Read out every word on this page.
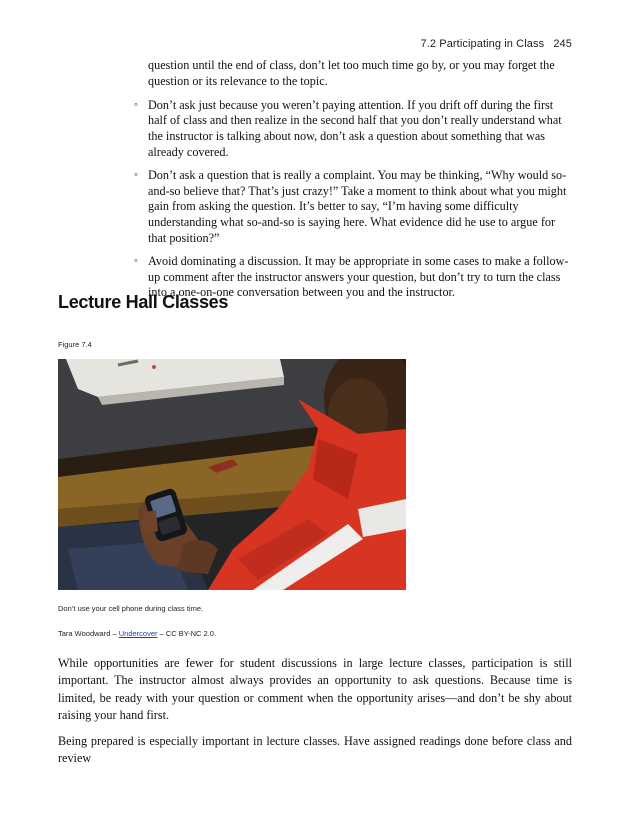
7.2 Participating in Class 245

question until the end of class, don’t let too much time go by, or you may forget the question or its relevance to the topic.

◦ Don’t ask just because you weren’t paying attention. If you drift off during the first half of class and then realize in the second half that you don’t really understand what the instructor is talking about now, don’t ask a question about something that was already covered.
◦ Don’t ask a question that is really a complaint. You may be thinking, “Why would so-and-so believe that? That’s just crazy!” Take a moment to think about what you might gain from asking the question. It’s better to say, “I’m having some difficulty understanding what so-and-so is saying here. What evidence did he use to argue for that position?”
◦ Avoid dominating a discussion. It may be appropriate in some cases to make a follow-up comment after the instructor answers your question, but don’t try to turn the class into a one-on-one conversation between you and the instructor.
Lecture Hall Classes
Figure 7.4
Don’t use your cell phone during class time.
Tara Woodward – Undercover – CC BY-NC 2.0.

While opportunities are fewer for student discussions in large lecture classes, participation is still important. The instructor almost always provides an opportunity to ask questions. Because time is limited, be ready with your question or comment when the opportunity arises—and don’t be shy about raising your hand first.

Being prepared is especially important in lecture classes. Have assigned readings done before class and review
